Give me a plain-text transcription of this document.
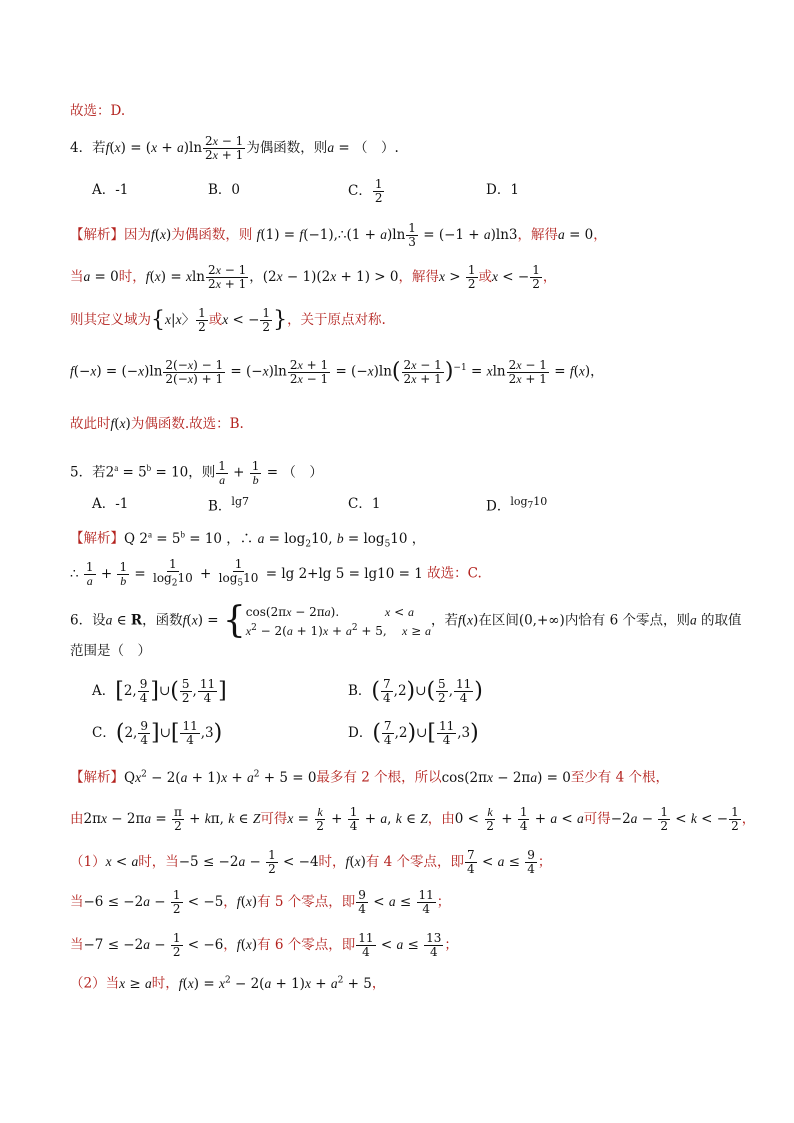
故选：D.
4．若$f(x) = (x + a)\ln \frac{2x - 1}{2x + 1}$ 为偶函数，则a = （　）.
A．-1	B．0	C． $\frac{1}{2}$	D．1
【解析】因为f(x)为偶函数，则 f(1) = f(−1),∴(1 + $a)\ln \frac{1}{3} = (-1 + a)\ln 3$，解得a = 0，
当a = 0时，f(x) = xln $\frac{2x - 1}{2x + 1}$ ，(2x − 1)(2x + 1) > 0，解得$x > \frac{1}{2}$ 或x < − $\frac{1}{2}$ ，
则其定义域为{x|x〉 $\frac{1}{2}$ 或x < − $\frac{1}{2}$ }，关于原点对称.
$f(-x) = (-x)\ln \frac{2(-x) - 1}{2(-x) + 1} = (-x)\ln \frac{2x + 1}{2x - 1} = (-x)\ln( \frac{2x - 1}{2x + 1} )^{-1} = xln \frac{2x - 1}{2x + 1} = f(x)$，
故此时f(x)为偶函数.故选：B.
5．若$2^a = 5^b = 10$，则 $\frac{1}{a} + \frac{1}{b}$ = （　）
A．-1	B．$^{lg7}$	C．1	D．$^{log_710}$
【解析】Q $2^a = 5^b = 10$ ，∴ $a = \log_210$, $b = \log_510$ ，
∴ $\frac{1}{a} + \frac{1}{b} = \frac{1}{\log_210} + \frac{1}{\log_510} = \lg 2+\lg$ 5 = lg10 = 1 故选：C.
6．设a ∈ R，函数f(x) = { cos(2πx − 2πa).            x < a
$x^2 - 2(a + 1)x + a^2 + 5$,    x ≥ a
，若f(x)在区间(0,+∞)内恰有 6 个零点，则a 的取值
范围是（　）
A．[2, $\frac{9}{4}$ ]∪( $\frac{5}{2}$ , $\frac{11}{4}$ ]	B．( $\frac{7}{4}$ ,2)∪( $\frac{5}{2}$ , $\frac{11}{4}$ )
C．(2, $\frac{9}{4}$ ]∪[ $\frac{11}{4} ,3$)	D．( $\frac{7}{4}$ ,2)∪[ $\frac{11}{4} ,3$)
【解析】$Qx^2 - 2(a + 1)x + a^2 + 5 = 0$最多有 2 个根，所以cos(2πx − 2πa) = 0至少有 4 个根，
由$2\pi x - 2\pi a = \frac{\pi}{2} + k\pi$, k ∈ Z可得$x = \frac{k}{2} + \frac{1}{4} + a$, k ∈ Z，由$0 < \frac{k}{2} + \frac{1}{4} + a < a$可得$-2a - \frac{1}{2} < k$ < − $\frac{1}{2}$ ，
（1）x < a时，当$-5 \le -2a - \frac{1}{2} < -4$时，f(x)有 4 个零点，即 $\frac{7}{4} < a \le \frac{9}{4}$ ；
当$-6 \le -2a - \frac{1}{2} < -5$，f(x)有 5 个零点，即 $\frac{9}{4} < a \le \frac{11}{4}$ ；
当$-7 \le -2a - \frac{1}{2} < -6$，f(x)有 6 个零点，即 $\frac{11}{4} < a \le \frac{13}{4}$ ；
（2）当x ≥ a时，$f(x) = x^2 - 2(a + 1)x + a^2 + 5$，
